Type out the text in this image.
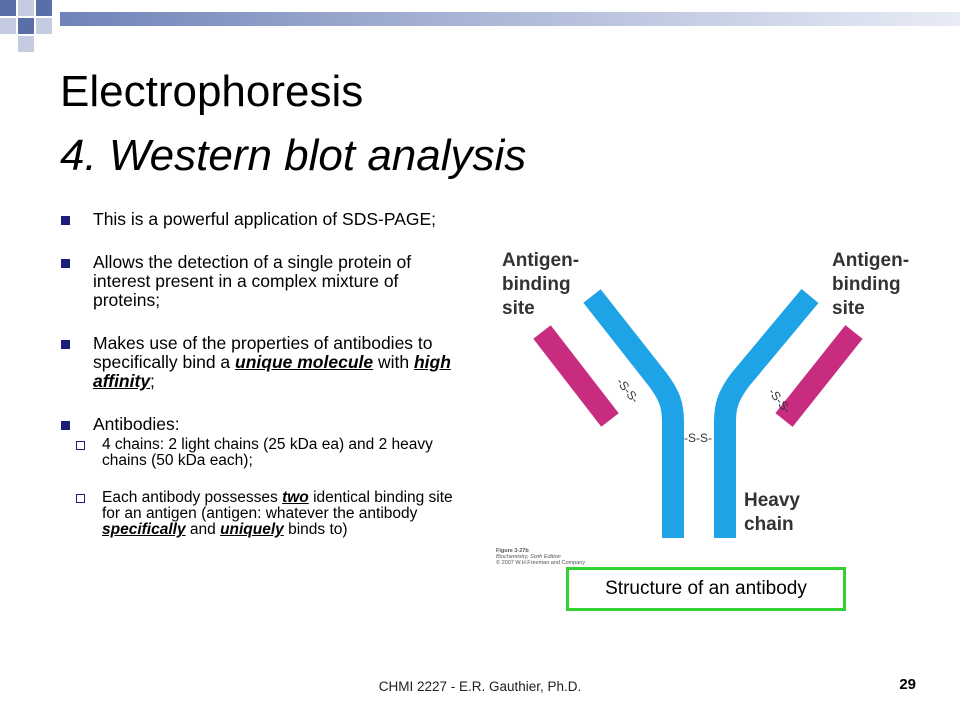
Electrophoresis
4. Western blot analysis
This is a powerful application of SDS-PAGE;
Allows the detection of a single protein of interest present in a complex mixture of proteins;
Makes use of the properties of antibodies to specifically bind a unique molecule with high affinity;
Antibodies:
4 chains: 2 light chains (25 kDa ea) and 2 heavy chains (50 kDa each);
Each antibody possesses two identical binding site for an antigen (antigen: whatever the antibody specifically and uniquely binds to)
Antigen- binding site
Antigen- binding site
Heavy chain
-S-S-
-S-S-	-S-S-
Figure 3-27b Biochemistry, Sixth Edition © 2007 W.H.Freeman and Company
Structure of an antibody
CHMI 2227 - E.R. Gauthier, Ph.D.	29
